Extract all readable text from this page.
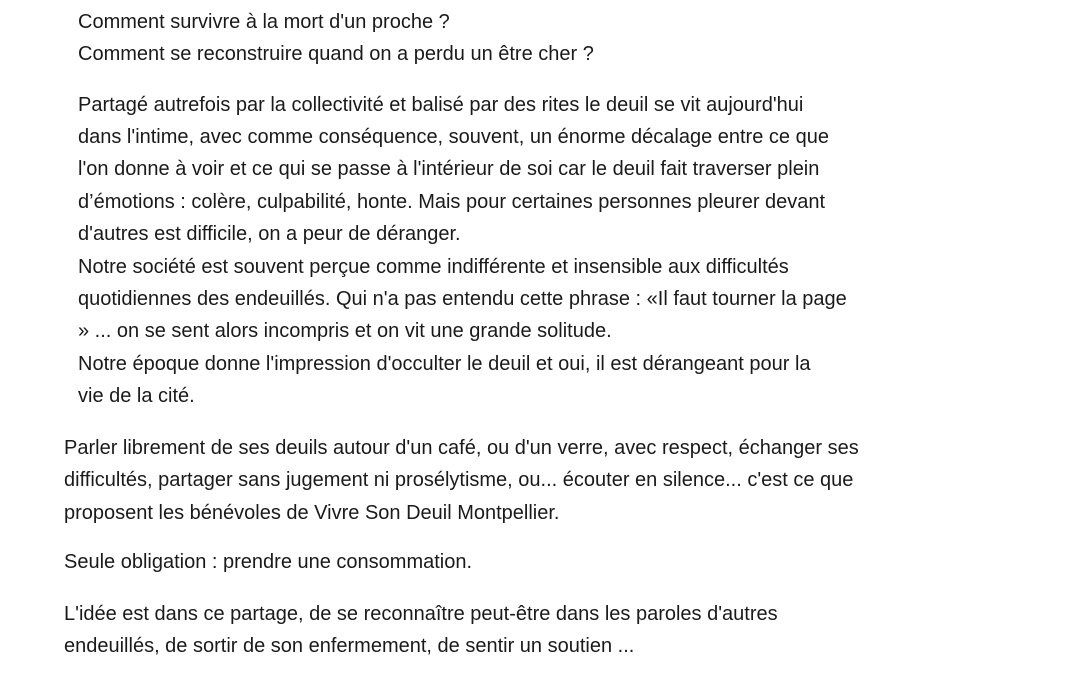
Comment survivre à la mort d'un proche ?
Comment se reconstruire quand on a perdu un être cher ?
Partagé autrefois par la collectivité et balisé par des rites le deuil se vit aujourd'hui
dans l'intime, avec comme conséquence, souvent, un énorme décalage entre ce que
l'on donne à voir et ce qui se passe à l'intérieur de soi car le deuil fait traverser plein
d’émotions : colère, culpabilité, honte. Mais pour certaines personnes pleurer devant
d'autres est difficile, on a peur de déranger.
Notre société est souvent perçue comme indifférente et insensible aux difficultés
quotidiennes des endeuillés. Qui n'a pas entendu cette phrase : «Il faut tourner la page
» ... on se sent alors incompris et on vit une grande solitude.
Notre époque donne l'impression d'occulter le deuil et oui, il est dérangeant pour la
vie de la cité.
Parler librement de ses deuils autour d'un café, ou d'un verre, avec respect, échanger ses
difficultés, partager sans jugement ni prosélytisme, ou... écouter en silence... c'est ce que
proposent les bénévoles de Vivre Son Deuil Montpellier.
Seule obligation : prendre une consommation.
L'idée est dans ce partage, de se reconnaître peut-être dans les paroles d'autres
endeuillés, de sortir de son enfermement, de sentir un soutien ...
